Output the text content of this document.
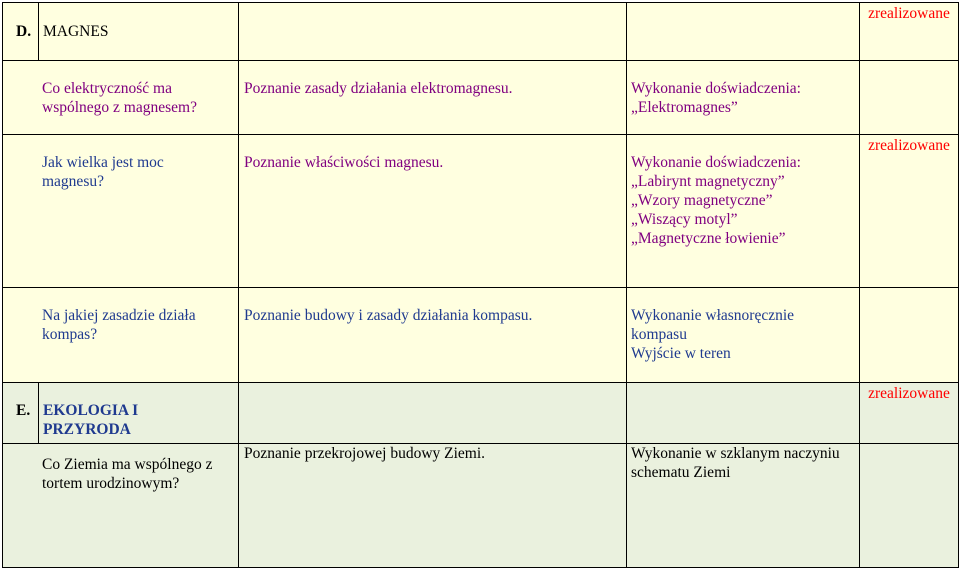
D.	MAGNES			zrealizowane

Co elektryczność ma
wspólnego z magnesem?		Poznanie zasady działania elektromagnesu.	Wykonanie doświadczenia:
„Elektromagnes”	

Jak wielka jest moc
magnesu?		Poznanie właściwości magnesu.	Wykonanie doświadczenia:
„Labirynt magnetyczny”
„Wzory magnetyczne”
„Wiszący motyl”
„Magnetyczne łowienie”	zrealizowane

Na jakiej zasadzie działa
kompas?		Poznanie budowy i zasady działania kompasu.	Wykonanie własnoręcznie
kompasu
Wyjście w teren	

E.	EKOLOGIA I
PRZYRODA			zrealizowane

Co Ziemia ma wspólnego z
tortem urodzinowym?		Poznanie przekrojowej budowy Ziemi.	Wykonanie w szklanym naczyniu
schematu Ziemi	
